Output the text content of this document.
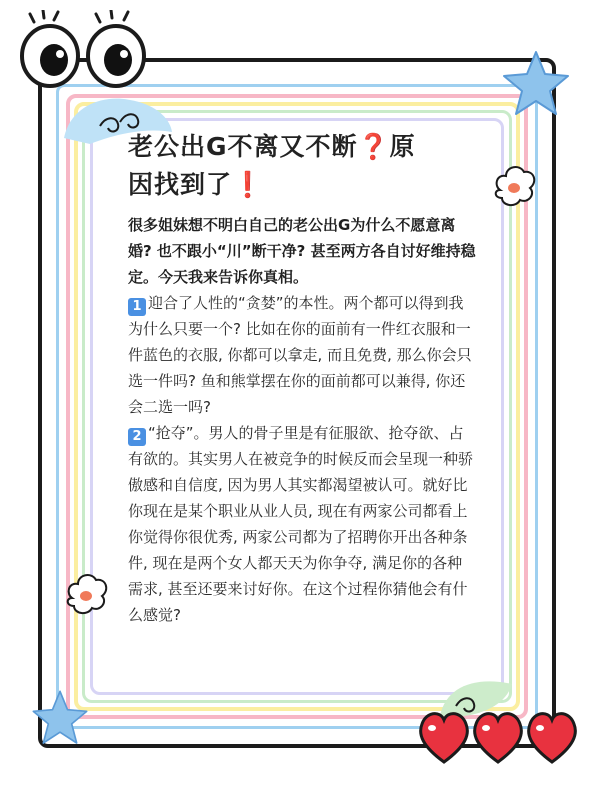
老公出G不离又不断❓原
因找到了❗

很多姐妹想不明白自己的老公出G为什么不愿意离婚? 也不跟小“川”断干净? 甚至两方各自讨好维持稳定。今天我来告诉你真相。

1 迎合了人性的“贪婪”的本性。两个都可以得到我为什么只要一个? 比如在你的面前有一件红衣服和一件蓝色的衣服, 你都可以拿走, 而且免费, 那么你会只选一件吗? 鱼和熊掌摆在你的面前都可以兼得, 你还会二选一吗?

2 “抢夺”。男人的骨子里是有征服欲、抢夺欲、占有欲的。其实男人在被竞争的时候反而会呈现一种骄傲感和自信度, 因为男人其实都渴望被认可。就好比你现在是某个职业从业人员, 现在有两家公司都看上你觉得你很优秀, 两家公司都为了招聘你开出各种条件, 现在是两个女人都天天为你争夺, 满足你的各种需求, 甚至还要来讨好你。在这个过程你猜他会有什么感觉?
